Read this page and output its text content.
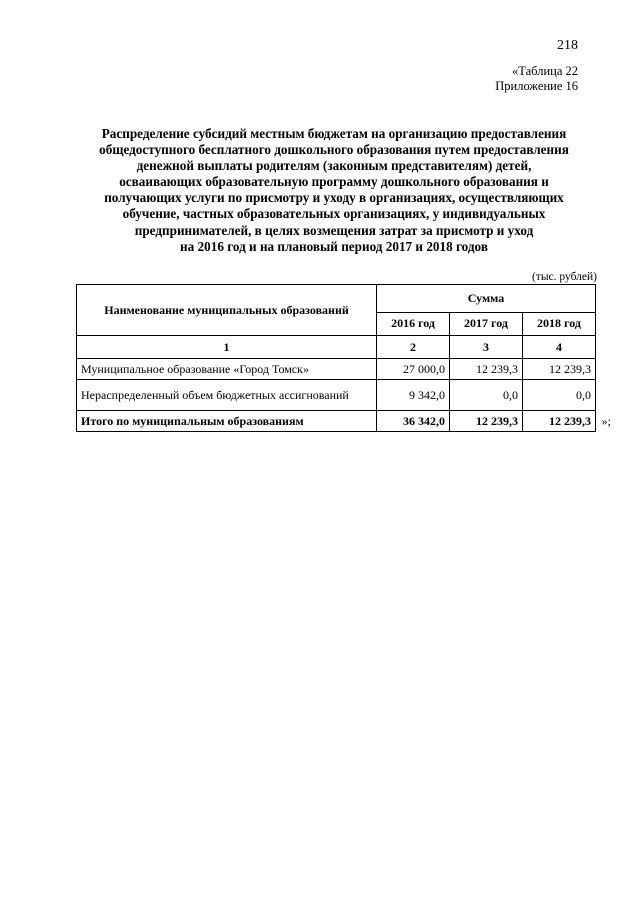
218
«Таблица 22
Приложение 16
Распределение субсидий местным бюджетам на организацию предоставления
общедоступного бесплатного дошкольного образования путем предоставления
денежной выплаты родителям (законным представителям) детей,
осваивающих образовательную программу дошкольного образования и
получающих услуги по присмотру и уходу в организациях, осуществляющих
обучение, частных образовательных организациях, у индивидуальных
предпринимателей, в целях возмещения затрат за присмотр и уход
на 2016 год и на плановый период 2017 и 2018 годов
(тыс. рублей)
Наименование муниципальных образований	Сумма		
	2016 год	2017 год	2018 год
1	2	3	4
Муниципальное образование «Город Томск»	27 000,0	12 239,3	12 239,3
Нераспределенный объем бюджетных ассигнований	9 342,0	0,0	0,0
Итого по муниципальным образованиям	36 342,0	12 239,3	12 239,3 »;
